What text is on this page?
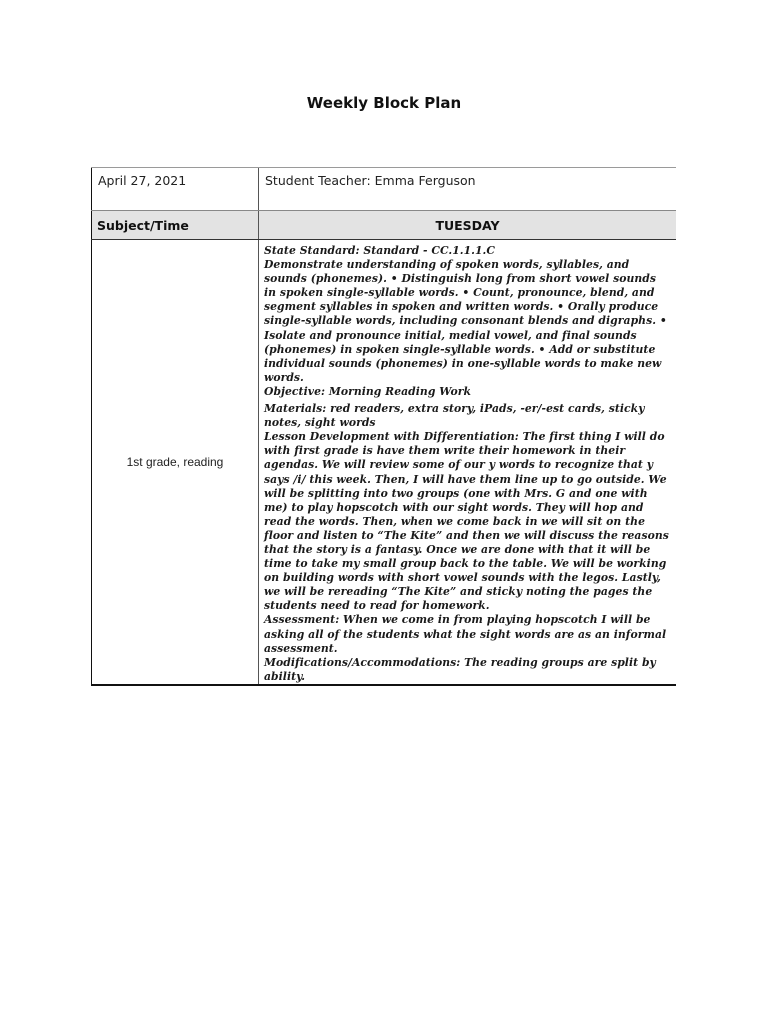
Weekly Block Plan
April 27, 2021	Student Teacher: Emma Ferguson
Subject/Time	TUESDAY
1st grade, reading
State Standard: Standard - CC.1.1.1.C
Demonstrate understanding of spoken words, syllables, and sounds (phonemes). • Distinguish long from short vowel sounds in spoken single-syllable words. • Count, pronounce, blend, and segment syllables in spoken and written words. • Orally produce single-syllable words, including consonant blends and digraphs. • Isolate and pronounce initial, medial vowel, and final sounds (phonemes) in spoken single-syllable words. • Add or substitute individual sounds (phonemes) in one-syllable words to make new words.
Objective: Morning Reading Work
Materials: red readers, extra story, iPads, -er/-est cards, sticky notes, sight words
Lesson Development with Differentiation: The first thing I will do with first grade is have them write their homework in their agendas. We will review some of our y words to recognize that y says /i/ this week. Then, I will have them line up to go outside. We will be splitting into two groups (one with Mrs. G and one with me) to play hopscotch with our sight words. They will hop and read the words. Then, when we come back in we will sit on the floor and listen to “The Kite” and then we will discuss the reasons that the story is a fantasy. Once we are done with that it will be time to take my small group back to the table. We will be working on building words with short vowel sounds with the legos. Lastly, we will be rereading “The Kite” and sticky noting the pages the students need to read for homework.
Assessment: When we come in from playing hopscotch I will be asking all of the students what the sight words are as an informal assessment.
Modifications/Accommodations: The reading groups are split by ability.
